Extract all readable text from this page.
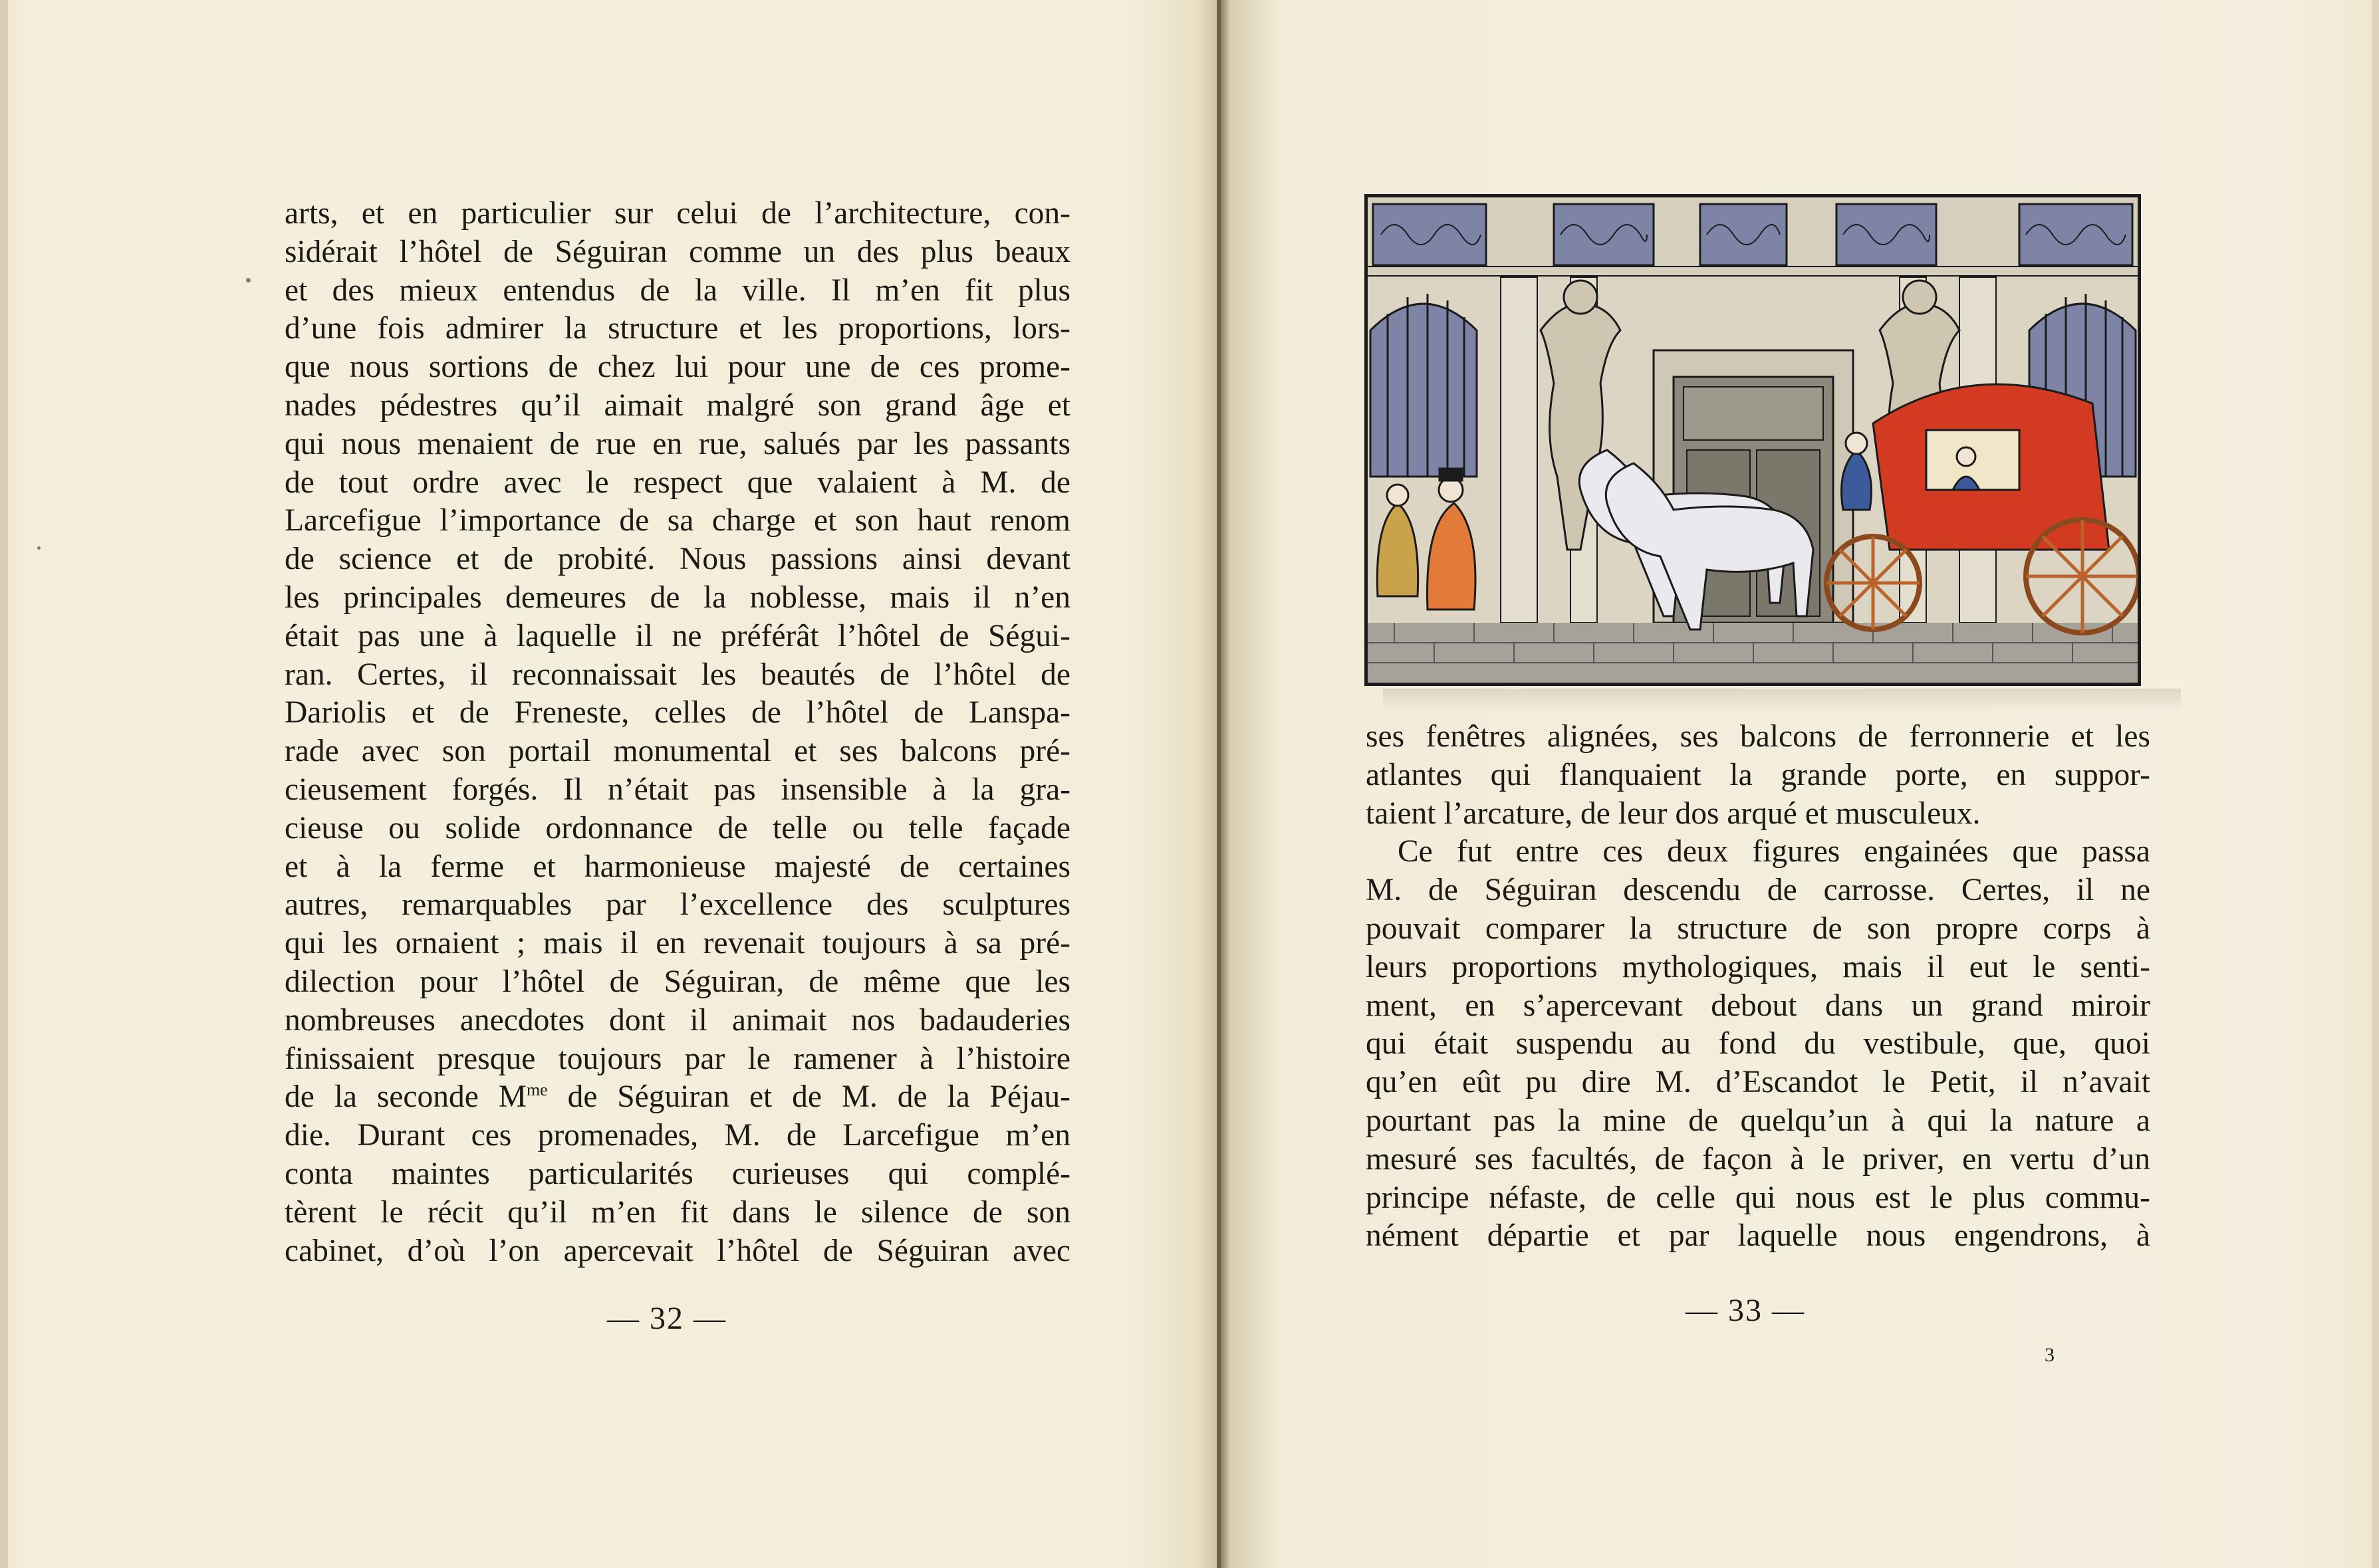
arts, et en particulier sur celui de l’architecture, con-
sidérait l’hôtel de Séguiran comme un des plus beaux
et des mieux entendus de la ville. Il m’en fit plus
d’une fois admirer la structure et les proportions, lors-
que nous sortions de chez lui pour une de ces prome-
nades pédestres qu’il aimait malgré son grand âge et
qui nous menaient de rue en rue, salués par les passants
de tout ordre avec le respect que valaient à M. de
Larcefigue l’importance de sa charge et son haut renom
de science et de probité. Nous passions ainsi devant
les principales demeures de la noblesse, mais il n’en
était pas une à laquelle il ne préférât l’hôtel de Ségui-
ran. Certes, il reconnaissait les beautés de l’hôtel de
Dariolis et de Freneste, celles de l’hôtel de Lanspa-
rade avec son portail monumental et ses balcons pré-
cieusement forgés. Il n’était pas insensible à la gra-
cieuse ou solide ordonnance de telle ou telle façade
et à la ferme et harmonieuse majesté de certaines
autres, remarquables par l’excellence des sculptures
qui les ornaient ; mais il en revenait toujours à sa pré-
dilection pour l’hôtel de Séguiran, de même que les
nombreuses anecdotes dont il animait nos badauderies
finissaient presque toujours par le ramener à l’histoire
de la seconde $M^{me}$ de Séguiran et de M. de la Péjau-
die. Durant ces promenades, M. de Larcefigue m’en
conta maintes particularités curieuses qui complé-
tèrent le récit qu’il m’en fit dans le silence de son
cabinet, d’où l’on apercevait l’hôtel de Séguiran avec
— 32 —
ses fenêtres alignées, ses balcons de ferronnerie et les
atlantes qui flanquaient la grande porte, en suppor-
taient l’arcature, de leur dos arqué et musculeux.
Ce fut entre ces deux figures engainées que passa
M. de Séguiran descendu de carrosse. Certes, il ne
pouvait comparer la structure de son propre corps à
leurs proportions mythologiques, mais il eut le senti-
ment, en s’apercevant debout dans un grand miroir
qui était suspendu au fond du vestibule, que, quoi
qu’en eût pu dire M. d’Escandot le Petit, il n’avait
pourtant pas la mine de quelqu’un à qui la nature a
mesuré ses facultés, de façon à le priver, en vertu d’un
principe néfaste, de celle qui nous est le plus commu-
nément départie et par laquelle nous engendrons, à
— 33 —
3
